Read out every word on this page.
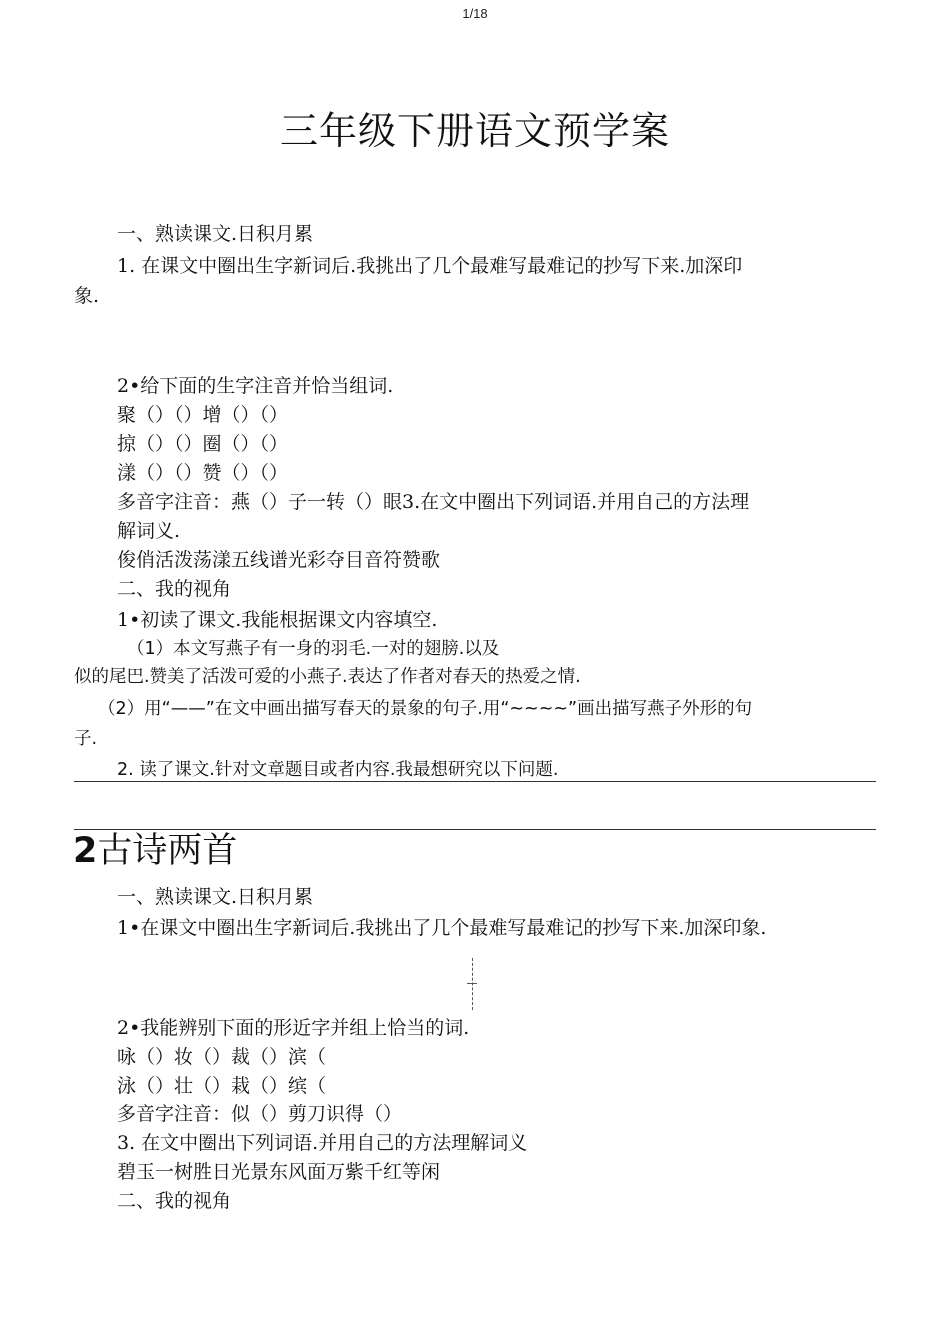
1/18
三年级下册语文预学案
一、熟读课文.日积月累
1. 在课文中圈出生字新词后.我挑出了几个最难写最难记的抄写下来.加深印
象.
2•给下面的生字注音并恰当组词.
聚（）（）增（）（）
掠（）（）圈（）（）
漾（）（）赞（）（）
多音字注音：燕（）子一转（）眼3.在文中圈出下列词语.并用自己的方法理
解词义.
俊俏活泼荡漾五线谱光彩夺目音符赞歌
二、我的视角
1•初读了课文.我能根据课文内容填空.
（1）本文写燕子有一身的羽毛.一对的翅膀.以及
似的尾巴.赞美了活泼可爱的小燕子.表达了作者对春天的热爱之情.
（2）用“——”在文中画出描写春天的景象的句子.用“~~~~”画出描写燕子外形的句
子.
2. 读了课文.针对文章题目或者内容.我最想研究以下问题.
2古诗两首
一、熟读课文.日积月累
1•在课文中圈出生字新词后.我挑出了几个最难写最难记的抄写下来.加深印象.
2•我能辨别下面的形近字并组上恰当的词.
咏（）妆（）裁（）滨（
泳（）壮（）栽（）缤（
多音字注音：似（）剪刀识得（）
3. 在文中圈出下列词语.并用自己的方法理解词义
碧玉一树胜日光景东风面万紫千红等闲
二、我的视角
